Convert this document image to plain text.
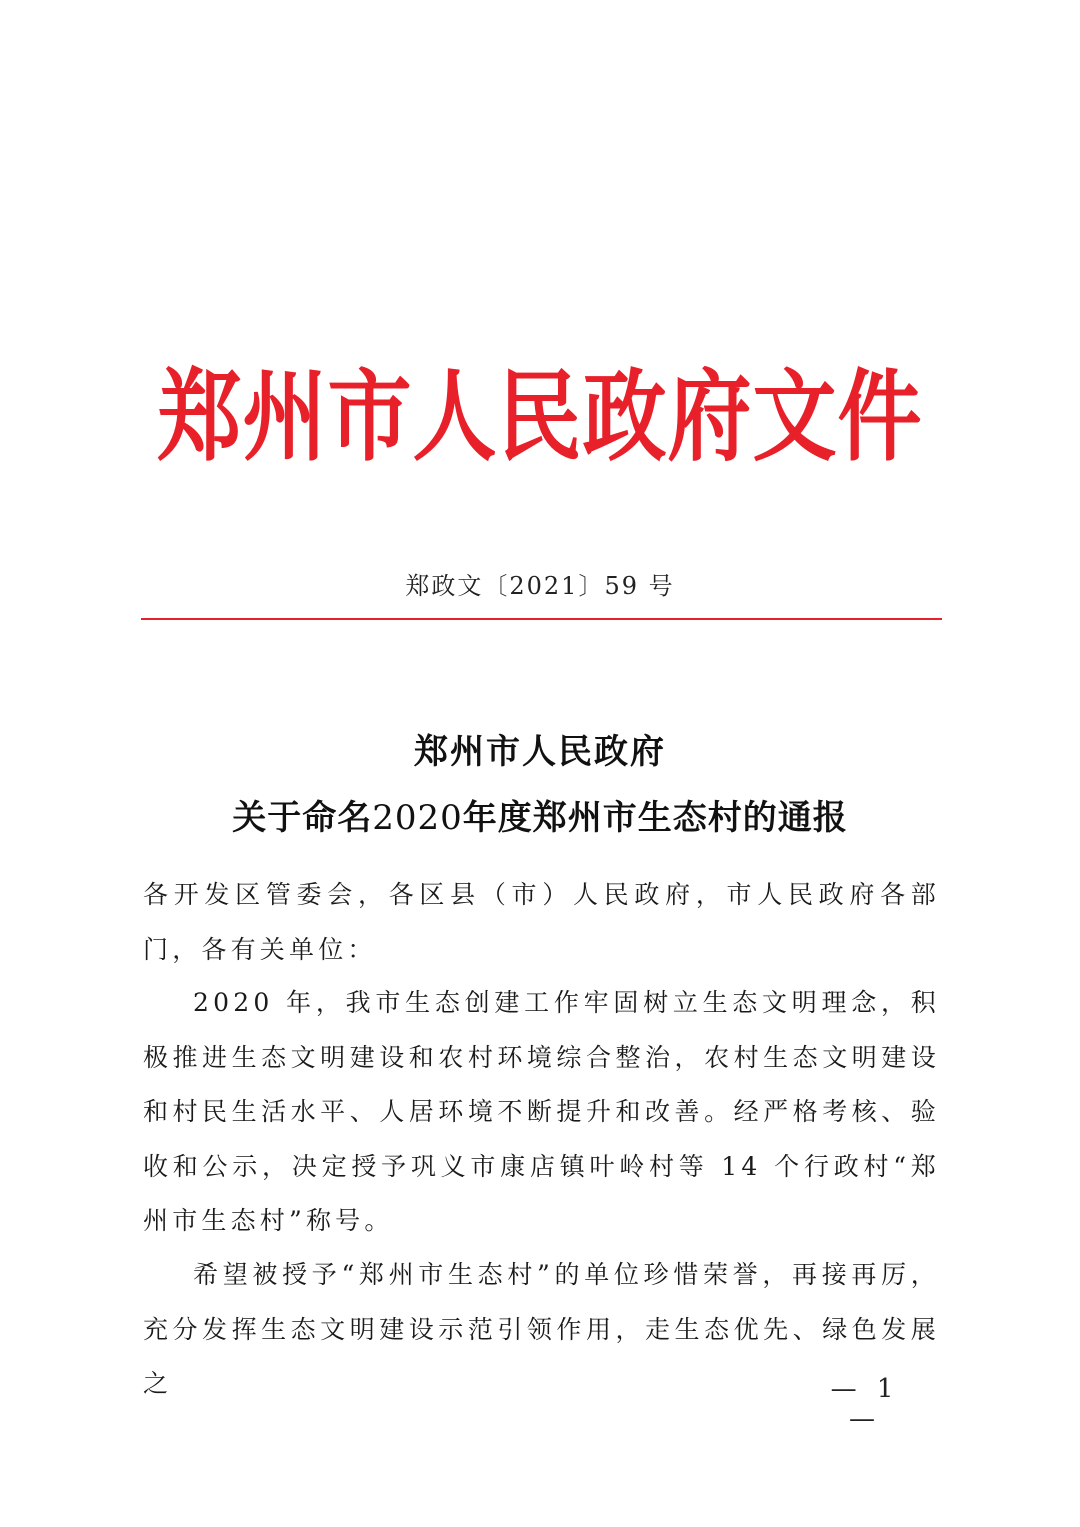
郑州市人民政府文件
郑政文〔2021〕59 号
郑州市人民政府
关于命名2020年度郑州市生态村的通报
各开发区管委会，各区县（市）人民政府，市人民政府各部门，各有关单位：

2020 年，我市生态创建工作牢固树立生态文明理念，积极推进生态文明建设和农村环境综合整治，农村生态文明建设和村民生活水平、人居环境不断提升和改善。经严格考核、验收和公示，决定授予巩义市康店镇叶岭村等 14 个行政村“郑州市生态村”称号。

希望被授予“郑州市生态村”的单位珍惜荣誉，再接再厉，充分发挥生态文明建设示范引领作用，走生态优先、绿色发展之	— 1 —
